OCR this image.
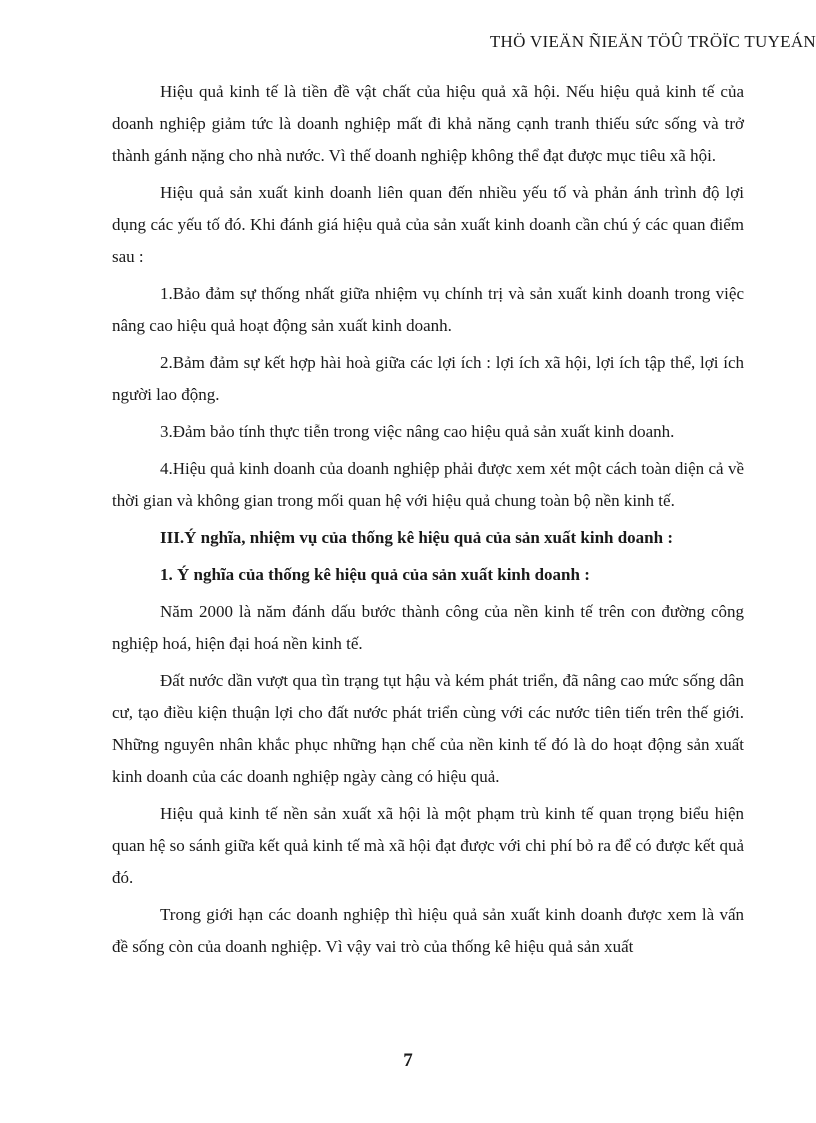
THÖ VIEÄN ÑIEÄN TÖÛ TRÖÏC TUYEÁN

Hiệu quả kinh tế là tiền đề vật chất của hiệu quả xã hội. Nếu hiệu quả kinh tế của doanh nghiệp giảm tức là doanh nghiệp mất đi khả năng cạnh tranh thiếu sức sống và trở thành gánh nặng cho nhà nước. Vì thế doanh nghiệp không thể đạt được mục tiêu xã hội.

Hiệu quả sản xuất kinh doanh liên quan đến nhiều yếu tố và phản ánh trình độ lợi dụng các yếu tố đó. Khi đánh giá hiệu quả của sản xuất kinh doanh cần chú ý các quan điểm sau :

1.Bảo đảm sự thống nhất giữa nhiệm vụ chính trị và sản xuất kinh doanh trong việc nâng cao hiệu quả hoạt động sản xuất kinh doanh.

2.Bảm đảm sự kết hợp hài hoà giữa các lợi ích : lợi ích xã hội, lợi ích tập thể, lợi ích người lao động.

3.Đảm bảo tính thực tiễn trong việc nâng cao hiệu quả sản xuất kinh doanh.

4.Hiệu quả kinh doanh của doanh nghiệp phải được xem xét một cách toàn diện cả về thời gian và không gian trong mối quan hệ với hiệu quả chung toàn bộ nền kinh tế.

III.Ý nghĩa, nhiệm vụ của thống kê hiệu quả của sản xuất kinh doanh :
1. Ý nghĩa của thống kê hiệu quả của sản xuất kinh doanh :

Năm 2000 là năm đánh dấu bước thành công của nền kinh tế trên con đường công nghiệp hoá, hiện đại hoá nền kinh tế.

Đất nước dần vượt qua tìn trạng tụt hậu và kém phát triển, đã nâng cao mức sống dân cư, tạo điều kiện thuận lợi cho đất nước phát triển cùng với các nước tiên tiến trên thế giới. Những nguyên nhân khắc phục những hạn chế của nền kinh tế đó là do hoạt động sản xuất kinh doanh của các doanh nghiệp ngày càng có hiệu quả.

Hiệu quả kinh tế nền sản xuất xã hội là một phạm trù kinh tế quan trọng biểu hiện quan hệ so sánh giữa kết quả kinh tế mà xã hội đạt được với chi phí bỏ ra để có được kết quả đó.

Trong giới hạn các doanh nghiệp thì hiệu quả sản xuất kinh doanh được xem là vấn đề sống còn của doanh nghiệp. Vì vậy vai trò của thống kê hiệu quả sản xuất

7
